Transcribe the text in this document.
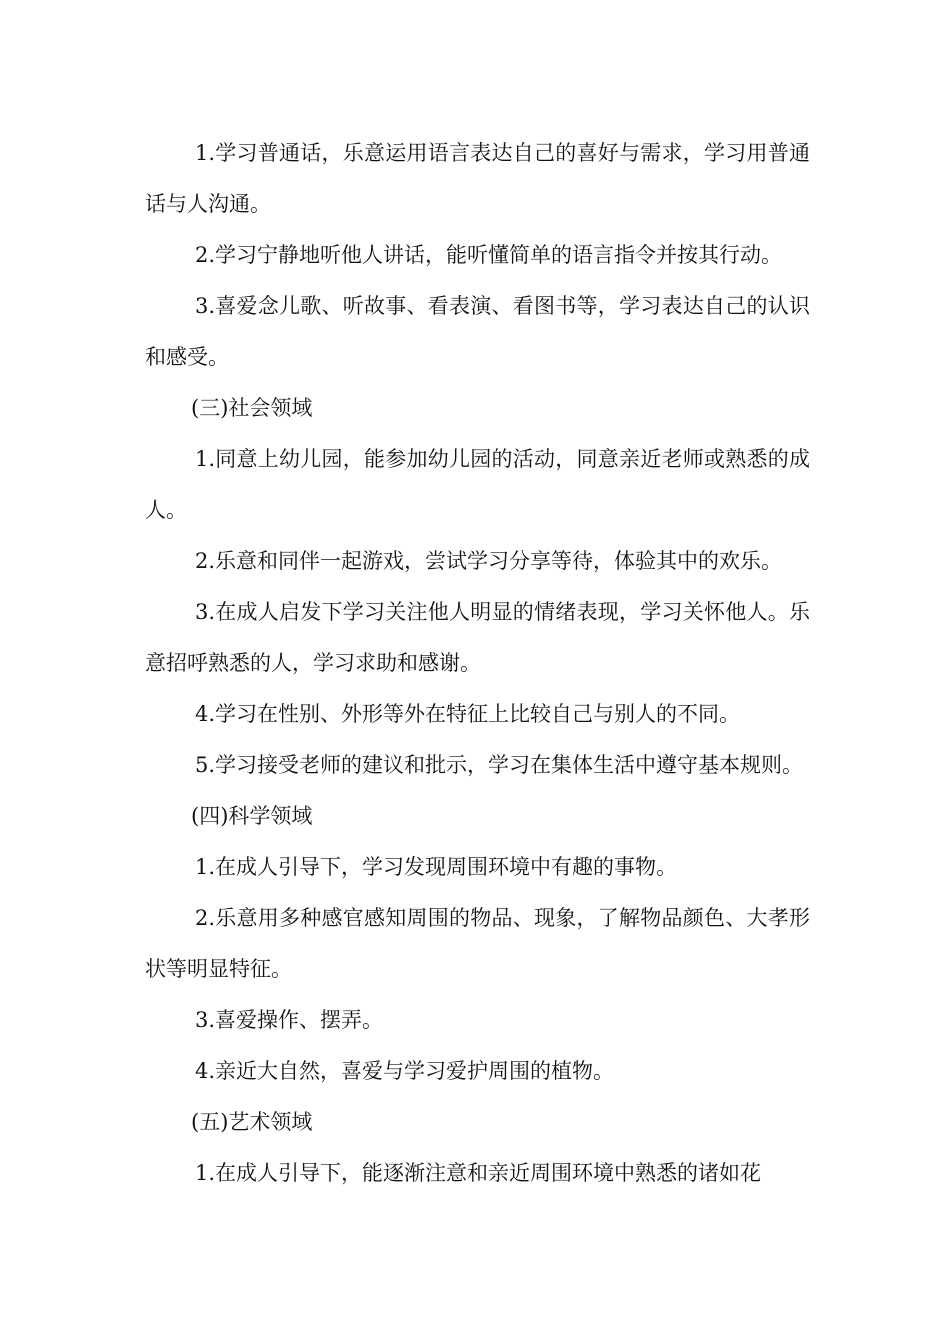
1.学习普通话，乐意运用语言表达自己的喜好与需求，学习用普通话与人沟通。

2.学习宁静地听他人讲话，能听懂简单的语言指令并按其行动。

3.喜爱念儿歌、听故事、看表演、看图书等，学习表达自己的认识和感受。

(三)社会领域

1.同意上幼儿园，能参加幼儿园的活动，同意亲近老师或熟悉的成人。

2.乐意和同伴一起游戏，尝试学习分享等待，体验其中的欢乐。

3.在成人启发下学习关注他人明显的情绪表现，学习关怀他人。乐意招呼熟悉的人，学习求助和感谢。

4.学习在性别、外形等外在特征上比较自己与别人的不同。

5.学习接受老师的建议和批示，学习在集体生活中遵守基本规则。

(四)科学领域

1.在成人引导下，学习发现周围环境中有趣的事物。

2.乐意用多种感官感知周围的物品、现象，了解物品颜色、大孝形状等明显特征。

3.喜爱操作、摆弄。

4.亲近大自然，喜爱与学习爱护周围的植物。

(五)艺术领域

1.在成人引导下，能逐渐注意和亲近周围环境中熟悉的诸如花
